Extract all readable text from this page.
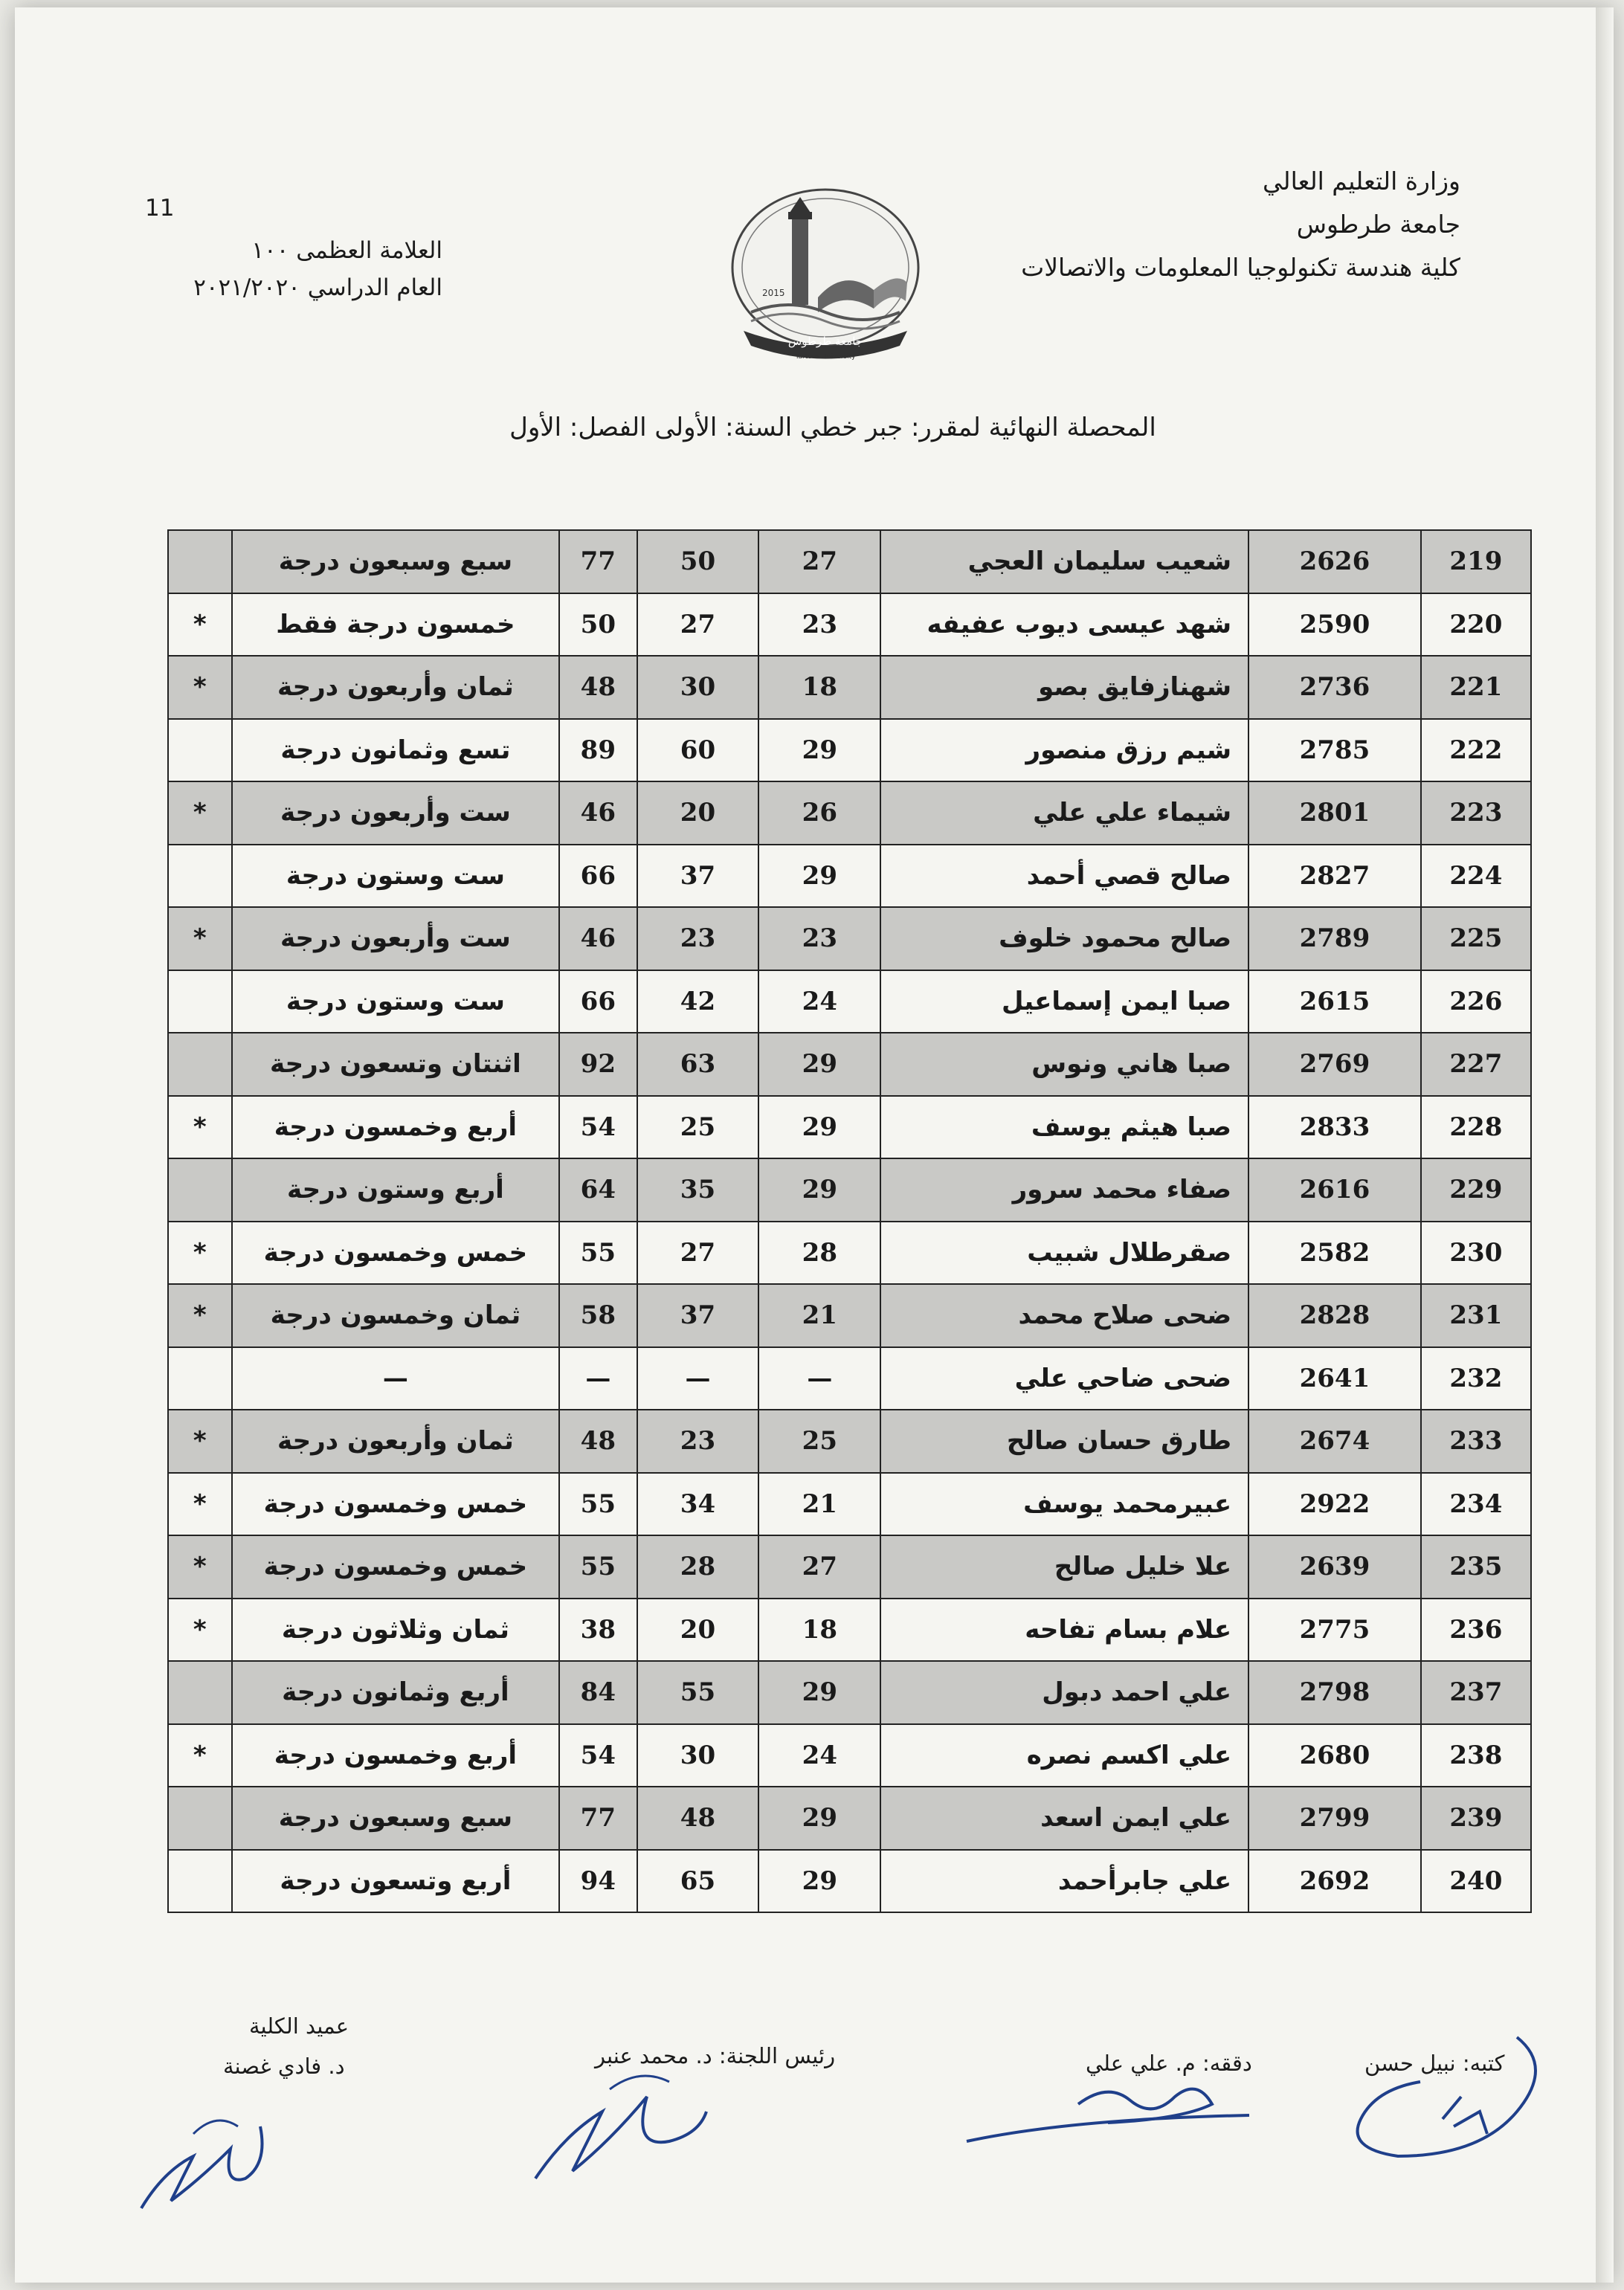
وزارة التعليم العالي
جامعة طرطوس
كلية هندسة تكنولوجيا المعلومات والاتصالات
11
العلامة العظمى ١٠٠
العام الدراسي ٢٠٢١/٢٠٢٠	2015
جامعة طرطوس
Tartous University
المحصلة النهائية لمقرر: جبر خطي السنة: الأولى الفصل: الأول
219	2626	شعيب سليمان العجي	27	50	77	سبع وسبعون درجة	
220	2590	شهد عيسى ديوب عفيفه	23	27	50	خمسون درجة فقط	*
221	2736	شهنازفايق بصو	18	30	48	ثمان وأربعون درجة	*
222	2785	شيم رزق منصور	29	60	89	تسع وثمانون درجة	
223	2801	شيماء علي علي	26	20	46	ست وأربعون درجة	*
224	2827	صالح قصي أحمد	29	37	66	ست وستون درجة	
225	2789	صالح محمود خلوف	23	23	46	ست وأربعون درجة	*
226	2615	صبا ايمن إسماعيل	24	42	66	ست وستون درجة	
227	2769	صبا هاني ونوس	29	63	92	اثنتان وتسعون درجة	
228	2833	صبا هيثم يوسف	29	25	54	أربع وخمسون درجة	*
229	2616	صفاء محمد سرور	29	35	64	أربع وستون درجة	
230	2582	صقرطلال شبيب	28	27	55	خمس وخمسون درجة	*
231	2828	ضحى صلاح محمد	21	37	58	ثمان وخمسون درجة	*
232	2641	ضحى ضاحي علي	—	—	—	—	
233	2674	طارق حسان صالح	25	23	48	ثمان وأربعون درجة	*
234	2922	عبيرمحمد يوسف	21	34	55	خمس وخمسون درجة	*
235	2639	علا خليل صالح	27	28	55	خمس وخمسون درجة	*
236	2775	علام بسام تفاحه	18	20	38	ثمان وثلاثون درجة	*
237	2798	علي احمد دبول	29	55	84	أربع وثمانون درجة	
238	2680	علي اكسم نصره	24	30	54	أربع وخمسون درجة	*
239	2799	علي ايمن اسعد	29	48	77	سبع وسبعون درجة	
240	2692	علي جابرأحمد	29	65	94	أربع وتسعون درجة	
كتبه: نبيل حسن
دققه: م. علي علي
رئيس اللجنة: د. محمد عنبر
عميد الكلية
د. فادي غصنة
